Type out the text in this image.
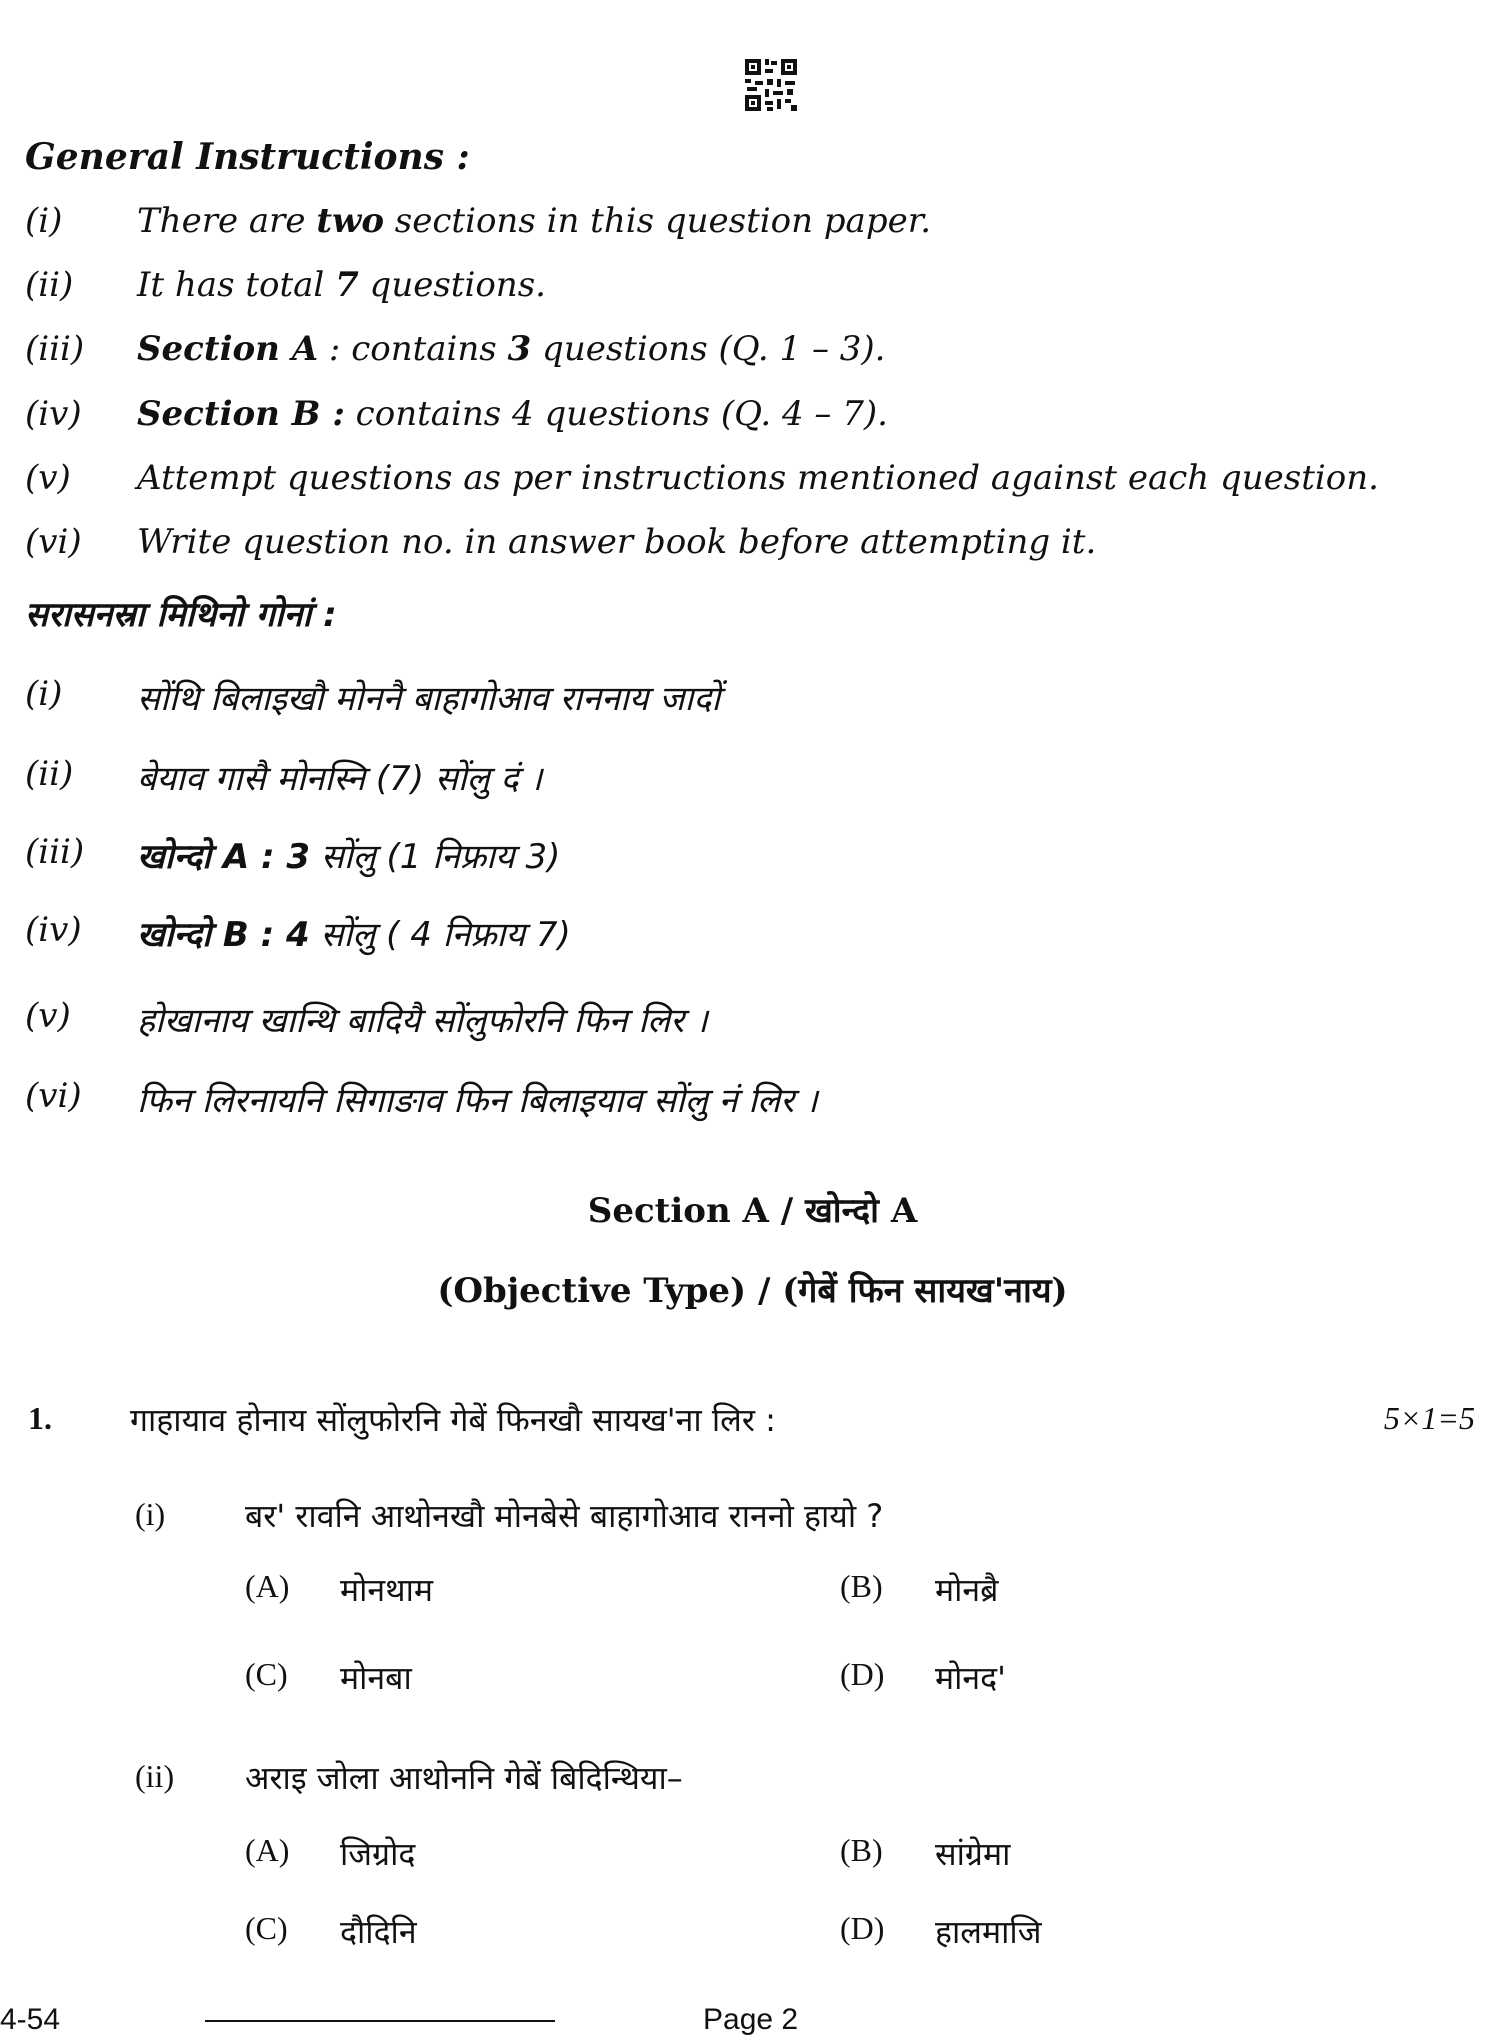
General Instructions :
(i)	There are two sections in this question paper.
(ii)	It has total 7 questions.
(iii)	Section A : contains 3 questions (Q. 1 – 3).
(iv)	Section B : contains 4 questions (Q. 4 – 7).
(v)	Attempt questions as per instructions mentioned against each question.
(vi)	Write question no. in answer book before attempting it.
सरासनस्रा मिथिनो गोनां :
(i)	सोंथि बिलाइखौ मोननै बाहागोआव राननाय जादों
(ii)	बेयाव गासै मोनस्नि (7) सोंलु दं ।
(iii)	खोन्दो A : 3 सोंलु (1 निफ्राय 3)
(iv)	खोन्दो B : 4 सोंलु ( 4 निफ्राय 7)
(v)	होखानाय खान्थि बादियै सोंलुफोरनि फिन लिर ।
(vi)	फिन लिरनायनि सिगाङाव फिन बिलाइयाव सोंलु नं लिर ।
Section A / खोन्दो A
(Objective Type) / (गेबें फिन सायख'नाय)
1. गाहायाव होनाय सोंलुफोरनि गेबें फिनखौ सायख'ना लिर :	5×1=5
(i) बर' रावनि आथोनखौ मोनबेसे बाहागोआव राननो हायो ?
(A) मोनथाम	(B) मोनब्रै
(C) मोनबा	(D) मोनद'
(ii) अराइ जोला आथोननि गेबें बिदिन्थिया–
(A) जिग्रोद	(B) सांग्रेमा
(C) दौदिनि	(D) हालमाजि
4-54	Page 2
